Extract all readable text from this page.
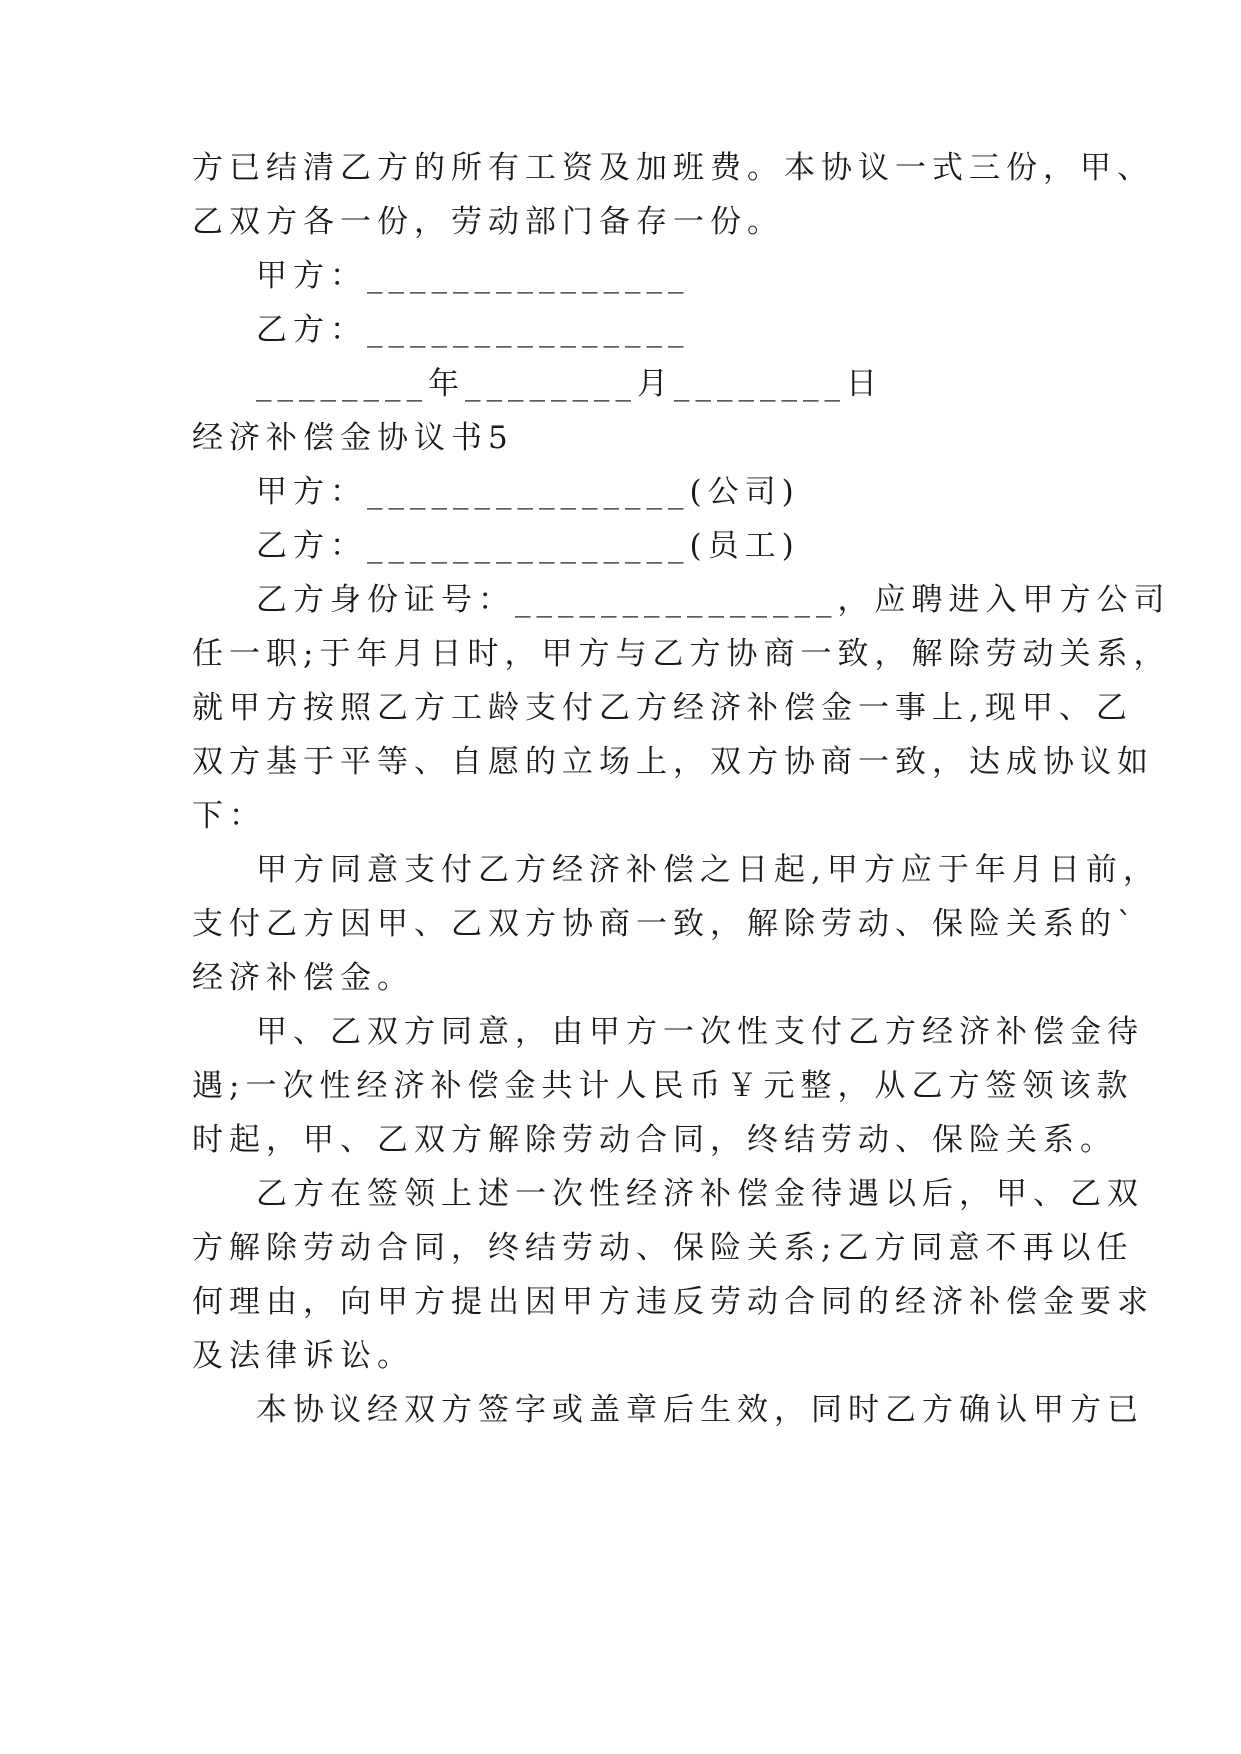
方已结清乙方的所有工资及加班费。本协议一式三份，甲、
乙双方各一份，劳动部门备存一份。
甲方：_______________
乙方：_______________
________年________月________日
经济补偿金协议书5
甲方：_______________(公司)
乙方：_______________(员工)
乙方身份证号：_______________，应聘进入甲方公司
任一职;于年月日时，甲方与乙方协商一致，解除劳动关系，
就甲方按照乙方工龄支付乙方经济补偿金一事上,现甲、乙
双方基于平等、自愿的立场上，双方协商一致，达成协议如
下：
甲方同意支付乙方经济补偿之日起,甲方应于年月日前，
支付乙方因甲、乙双方协商一致，解除劳动、保险关系的`
经济补偿金。
甲、乙双方同意，由甲方一次性支付乙方经济补偿金待
遇;一次性经济补偿金共计人民币￥元整，从乙方签领该款
时起，甲、乙双方解除劳动合同，终结劳动、保险关系。
乙方在签领上述一次性经济补偿金待遇以后，甲、乙双
方解除劳动合同，终结劳动、保险关系;乙方同意不再以任
何理由，向甲方提出因甲方违反劳动合同的经济补偿金要求
及法律诉讼。
本协议经双方签字或盖章后生效，同时乙方确认甲方已
